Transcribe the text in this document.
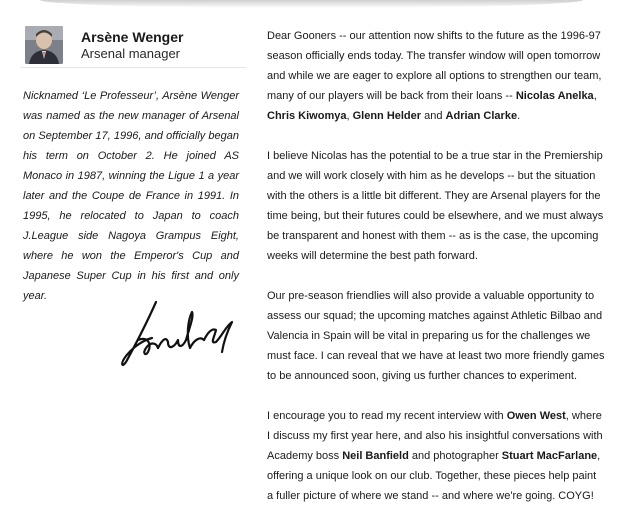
Arsène Wenger
Arsenal manager
Nicknamed ‘Le Professeur’, Arsène Wenger was named as the new manager of Arsenal on September 17, 1996, and officially began his term on October 2. He joined AS Monaco in 1987, winning the Ligue 1 a year later and the Coupe de France in 1991. In 1995, he relocated to Japan to coach J.League side Nagoya Grampus Eight, where he won the Emperor's Cup and Japanese Super Cup in his first and only year.

Dear Gooners -- our attention now shifts to the future as the 1996-97 season officially ends today. The transfer window will open tomorrow and while we are eager to explore all options to strengthen our team, many of our players will be back from their loans -- Nicolas Anelka, Chris Kiwomya, Glenn Helder and Adrian Clarke.

I believe Nicolas has the potential to be a true star in the Premiership and we will work closely with him as he develops -- but the situation with the others is a little bit different. They are Arsenal players for the time being, but their futures could be elsewhere, and we must always be transparent and honest with them -- as is the case, the upcoming weeks will determine the best path forward.

Our pre-season friendlies will also provide a valuable opportunity to assess our squad; the upcoming matches against Athletic Bilbao and Valencia in Spain will be vital in preparing us for the challenges we must face. I can reveal that we have at least two more friendly games to be announced soon, giving us further chances to experiment.

I encourage you to read my recent interview with Owen West, where I discuss my first year here, and also his insightful conversations with Academy boss Neil Banfield and photographer Stuart MacFarlane, offering a unique look on our club. Together, these pieces help paint a fuller picture of where we stand -- and where we're going. COYG!
